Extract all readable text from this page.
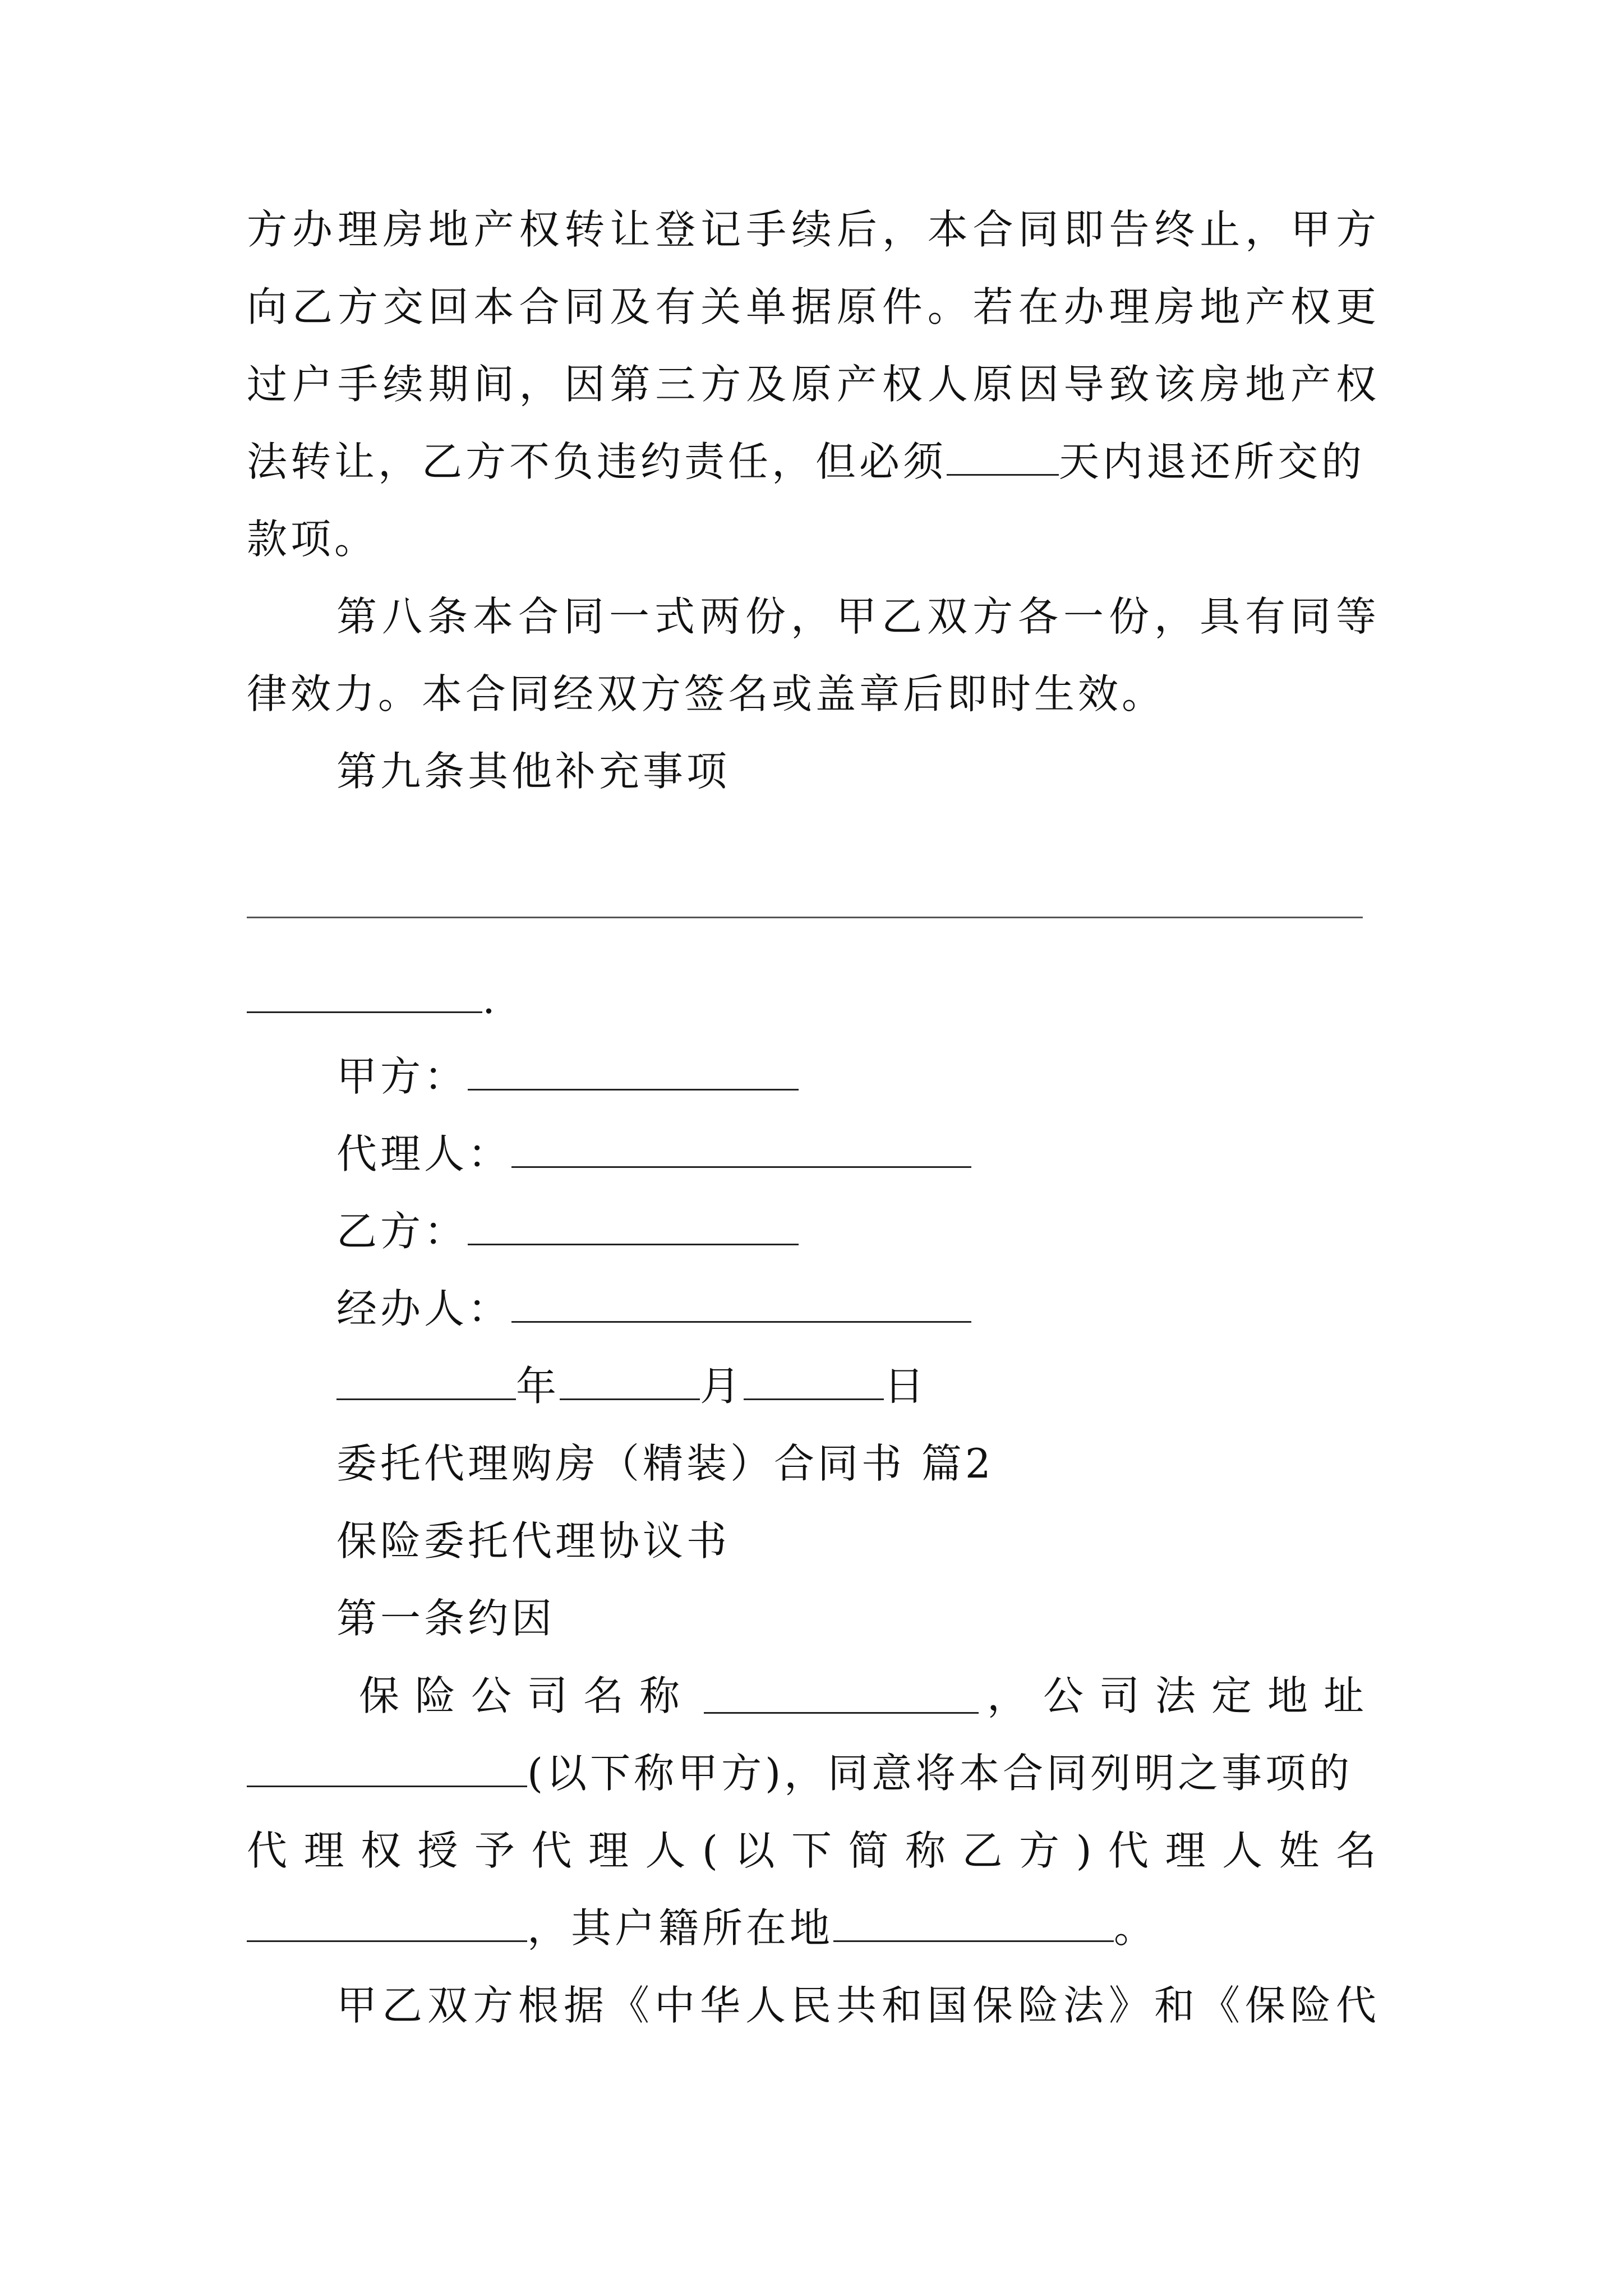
方办理房地产权转让登记手续后，本合同即告终止，甲方
向乙方交回本合同及有关单据原件。若在办理房地产权更
过户手续期间，因第三方及原产权人原因导致该房地产权
法转让，乙方不负违约责任，但必须	天内退还所交的
款项。
第八条本合同一式两份，甲乙双方各一份，具有同等
律效力。本合同经双方签名或盖章后即时生效。
第九条其他补充事项
.
甲方：
代理人：
乙方：
经办人：
年	月	日
委托代理购房（精装）合同书 篇2
保险委托代理协议书
第一条约因
保险公司名称	，公司法定地址
(以下称甲方)，同意将本合同列明之事项的
代理权授予代理人(以下简称乙方)代理人姓名
，其户籍所在地	。
甲乙双方根据《中华人民共和国保险法》和《保险代
